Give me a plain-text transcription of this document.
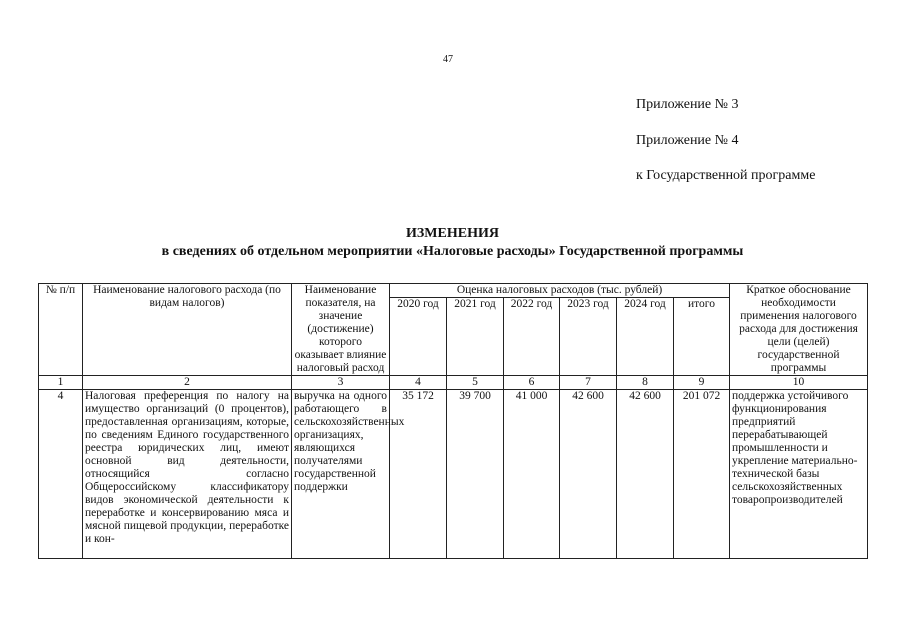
47
Приложение № 3
Приложение № 4
к Государственной программе
ИЗМЕНЕНИЯ
в сведениях об отдельном мероприятии «Налоговые расходы» Государственной программы
№ п/п	Наименование налогового расхода (по видам налогов)	Наименование показателя, на значение (достижение) которого оказывает влияние налоговый расход	Оценка налоговых расходов (тыс. рублей)						Краткое обоснование необходимости применения налогового расхода для достижения цели (целей) государственной программы
			2020 год	2021 год	2022 год	2023 год	2024 год	итого	
1	2	3	4	5	6	7	8	9	10
4	Налоговая преференция по налогу на имущество организаций (0 процентов), предоставленная организациям, которые, по сведениям Единого государственного реестра юридических лиц, имеют основной вид деятельности, относящийся согласно Общероссийскому классификатору видов экономической деятельности к переработке и консервированию мяса и мясной пищевой продукции, переработке и кон-	выручка на одного работающего в сельскохозяйственных организациях, являющихся получателями государственной поддержки	35 172	39 700	41 000	42 600	42 600	201 072	поддержка устойчивого функционирования предприятий перерабатывающей промышленности и укрепление материально-технической базы сельскохозяйственных товаропроизводителей
